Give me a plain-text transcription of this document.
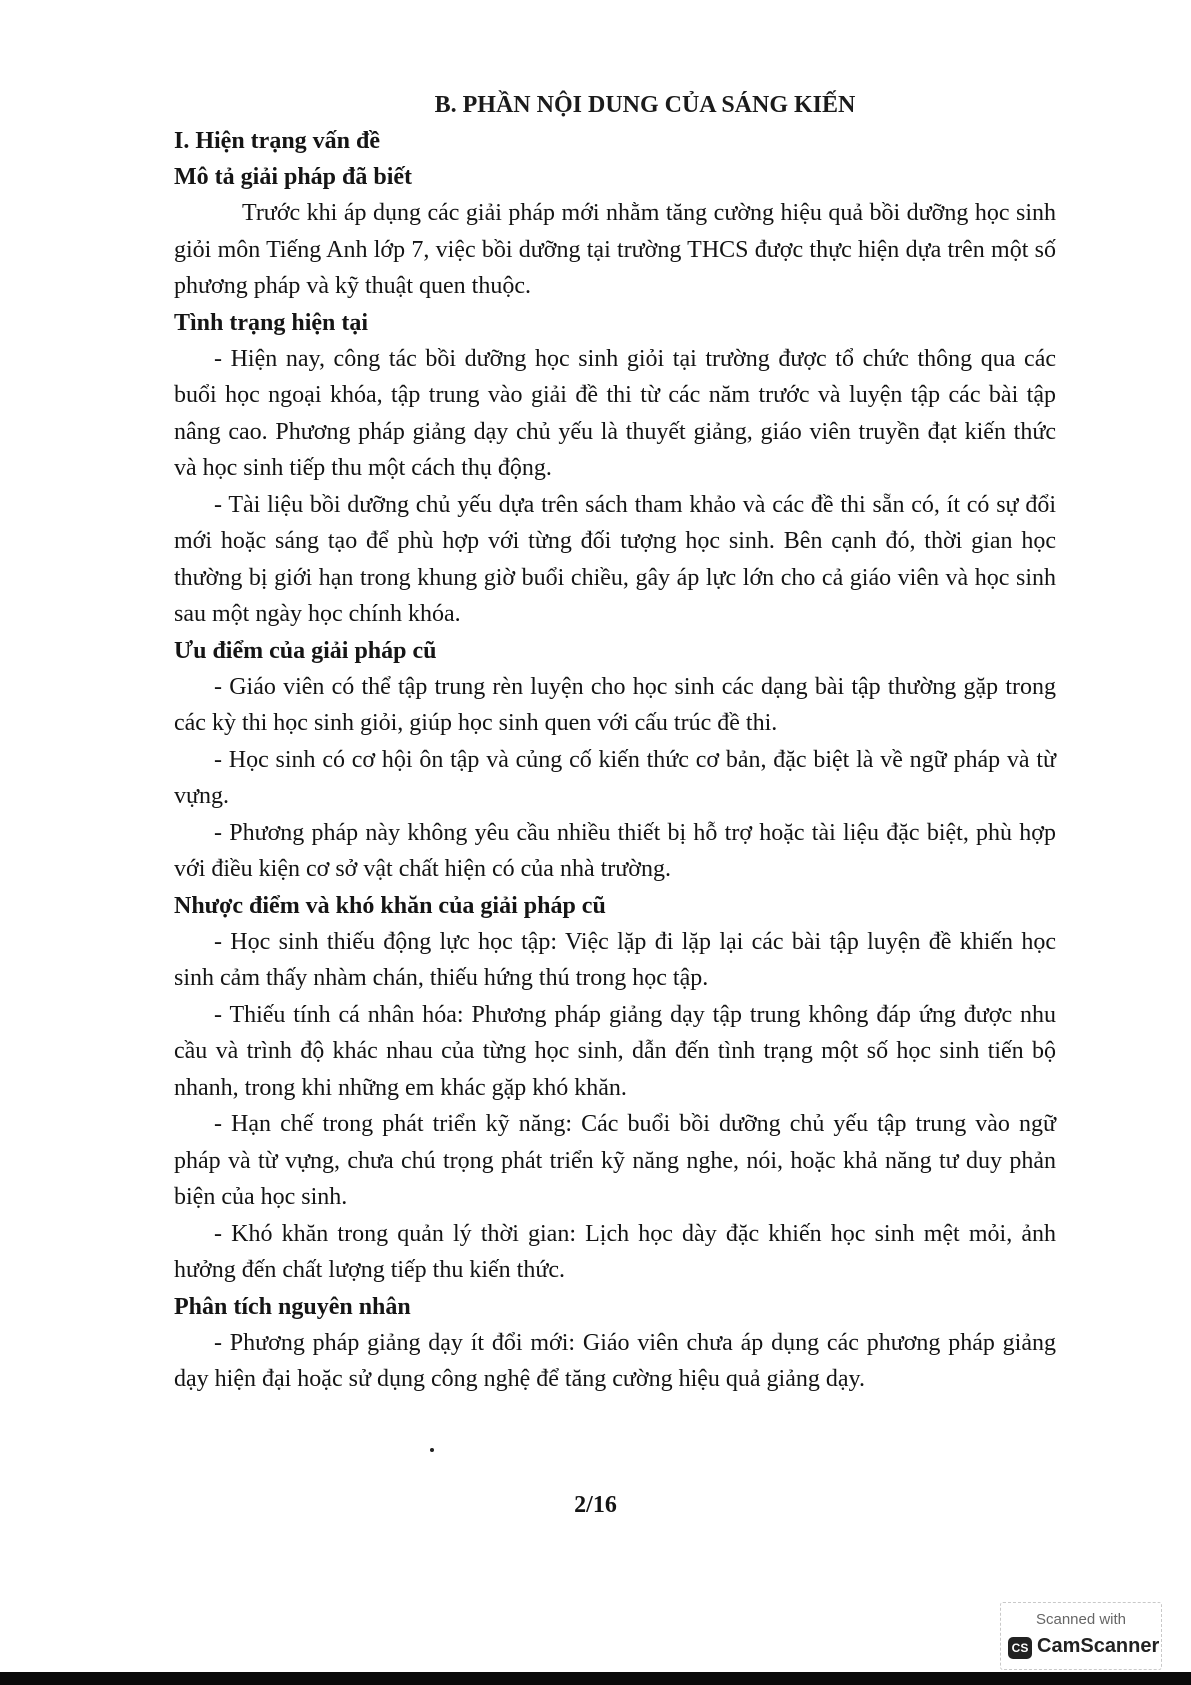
B. PHẦN NỘI DUNG CỦA SÁNG KIẾN

I. Hiện trạng vấn đề

Mô tả giải pháp đã biết

Trước khi áp dụng các giải pháp mới nhằm tăng cường hiệu quả bồi dưỡng học sinh giỏi môn Tiếng Anh lớp 7, việc bồi dưỡng tại trường THCS được thực hiện dựa trên một số phương pháp và kỹ thuật quen thuộc.

Tình trạng hiện tại

- Hiện nay, công tác bồi dưỡng học sinh giỏi tại trường được tổ chức thông qua các buổi học ngoại khóa, tập trung vào giải đề thi từ các năm trước và luyện tập các bài tập nâng cao. Phương pháp giảng dạy chủ yếu là thuyết giảng, giáo viên truyền đạt kiến thức và học sinh tiếp thu một cách thụ động.

- Tài liệu bồi dưỡng chủ yếu dựa trên sách tham khảo và các đề thi sẵn có, ít có sự đổi mới hoặc sáng tạo để phù hợp với từng đối tượng học sinh. Bên cạnh đó, thời gian học thường bị giới hạn trong khung giờ buổi chiều, gây áp lực lớn cho cả giáo viên và học sinh sau một ngày học chính khóa.

Ưu điểm của giải pháp cũ

- Giáo viên có thể tập trung rèn luyện cho học sinh các dạng bài tập thường gặp trong các kỳ thi học sinh giỏi, giúp học sinh quen với cấu trúc đề thi.

- Học sinh có cơ hội ôn tập và củng cố kiến thức cơ bản, đặc biệt là về ngữ pháp và từ vựng.

- Phương pháp này không yêu cầu nhiều thiết bị hỗ trợ hoặc tài liệu đặc biệt, phù hợp với điều kiện cơ sở vật chất hiện có của nhà trường.

Nhược điểm và khó khăn của giải pháp cũ

- Học sinh thiếu động lực học tập: Việc lặp đi lặp lại các bài tập luyện đề khiến học sinh cảm thấy nhàm chán, thiếu hứng thú trong học tập.

- Thiếu tính cá nhân hóa: Phương pháp giảng dạy tập trung không đáp ứng được nhu cầu và trình độ khác nhau của từng học sinh, dẫn đến tình trạng một số học sinh tiến bộ nhanh, trong khi những em khác gặp khó khăn.

- Hạn chế trong phát triển kỹ năng: Các buổi bồi dưỡng chủ yếu tập trung vào ngữ pháp và từ vựng, chưa chú trọng phát triển kỹ năng nghe, nói, hoặc khả năng tư duy phản biện của học sinh.

- Khó khăn trong quản lý thời gian: Lịch học dày đặc khiến học sinh mệt mỏi, ảnh hưởng đến chất lượng tiếp thu kiến thức.

Phân tích nguyên nhân

- Phương pháp giảng dạy ít đổi mới: Giáo viên chưa áp dụng các phương pháp giảng dạy hiện đại hoặc sử dụng công nghệ để tăng cường hiệu quả giảng dạy.

2/16
Scanned with
CS CamScanner
